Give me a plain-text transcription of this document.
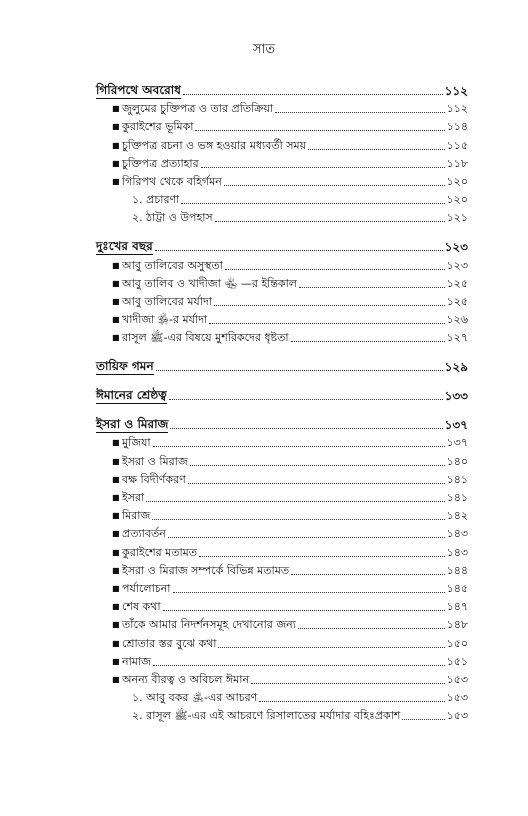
সাত
গিরিপথে অবরোধ	১১২
■ জুলুমের চুক্তিপত্র ও তার প্রতিক্রিয়া	১১২
■ কুরাইশের ভূমিকা	১১৪
■ চুক্তিপত্র রচনা ও ভঙ্গ হওয়ার মধ্যবর্তী সময়	১১৫
■ চুক্তিপত্র প্রত্যাহার	১১৮
■ গিরিপথ থেকে বহির্গমন	১২০
১. প্রচারণা	১২০
২. ঠাট্টা ও উপহাস	১২১
দুঃখের বছর	১২৩
■ আবু তালিবের অসুস্থতা	১২৩
■ আবু তালিব ও খাদীজা ﵄ —র ইন্তিকাল	১২৫
■ আবু তালিবের মর্যাদা	১২৫
■ খাদীজা ﵂-র মর্যাদা	১২৬
■ রাসূল ﷺ-এর বিষয়ে মুশরিকদের ধৃষ্টতা	১২৭
তায়িফ গমন	১২৯
ঈমানের শ্রেষ্ঠত্ব	১৩৩
ইসরা ও মিরাজ	১৩৭
■ মুজিযা	১৩৭
■ ইসরা ও মিরাজ	১৪০
■ বক্ষ বিদীর্ণকরণ	১৪১
■ ইসরা	১৪১
■ মিরাজ	১৪২
■ প্রত্যাবর্তন	১৪৩
■ কুরাইশের মতামত	১৪৩
■ ইসরা ও মিরাজ সম্পর্কে বিভিন্ন মতামত	১৪৪
■ পর্যালোচনা	১৪৫
■ শেষ কথা	১৪৭
■ তাঁকে আমার নিদর্শনসমূহ দেখানোর জন্য	১৪৮
■ শ্রোতার স্তর বুঝে কথা	১৫০
■ নামাজ	১৫১
■ অনন্য বীরত্ব ও অবিচল ঈমান	১৫৩
১. আবু বকর ﵁-এর আচরণ	১৫৩
২. রাসূল ﷺ-এর এই আচরণে রিসালাতের মর্যাদার বহিঃপ্রকাশ	১৫৩
